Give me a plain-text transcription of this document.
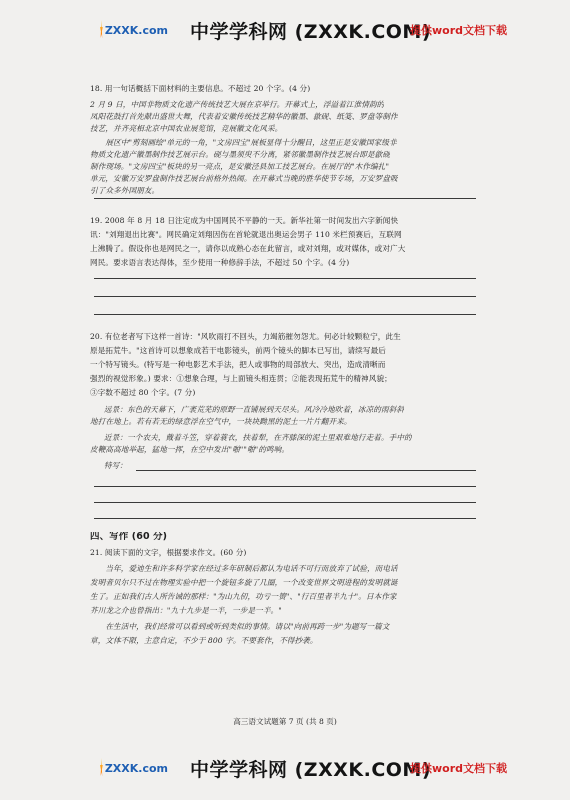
ZXXK.com 中学学科网 (ZXXK.COM)
提供word文档下载
18. 用一句话概括下面材料的主要信息。不超过 20 个字。(4 分)
2 月 9 日，中国非物质文化遗产传统技艺大展在京举行。开幕式上，浮溢着江淮情韵的
凤阳花鼓打首先献出盛世大舞，代表着安徽传统技艺精华的徽墨、歙砚、纸笺、罗盘等制作
技艺，并齐亮相北京中国农业展览馆，竞展徽文化风采。
　　展区中"剪刻画绘"单元的一角，"文房四宝"展板显得十分醒目，这里正是安徽国家级非
物质文化遗产徽墨制作技艺展示台。砚与墨须臾不分离，紧邻徽墨制作技艺展台即是歙砚
制作现场。"文房四宝"板块的另一亮点，是安徽泾县加工技艺展台。在展厅的"木作编扎"
单元，安徽万安罗盘制作技艺展台前格外热闹。在开幕式当晚的胜华使节专场，万安罗盘吸
引了众多外国朋友。
19. 2008 年 8 月 18 日注定成为中国网民不平静的一天。新华社第一时间发出六字新闻快
讯："刘翔退出比赛"。网民确定刘翔因伤在首轮就退出奥运会男子 110 米栏预赛后，互联网
上沸腾了。假设你也是网民之一，请你以成熟心态在此留言，或对刘翔，或对媒体，或对广大
网民。要求语言表达得体，至少使用一种修辞手法，不超过 50 个字。(4 分)
20. 有位老者写下这样一首诗："风吹雨打不回头，力竭筋摧勿怨尤。何必计较颗粒宁，此生
原是拓荒牛。"这首诗可以想象成若干电影镜头，前两个镜头的脚本已写出，请续写最后
一个特写镜头。(特写是一种电影艺术手法，把人或事物的局部放大、突出，造成清晰而
强烈的视觉形象。) 要求：①想象合理，与上面镜头相连贯；②能表现拓荒牛的精神风貌；
③字数不超过 80 个字。(7 分)
远景：东色的天幕下，广袤荒芜的原野一直铺展到天尽头。风冷冷地吹着，冰凉的雨斜斜
地打在地上。若有若无的绿意浮在空气中，一块块黝黑的泥土一片片翻开来。
近景：一个农夫，戴着斗笠，穿着蓑衣，扶着犁，在齐膝深的泥土里艰难地行走着。手中的
皮鞭高高地举起，猛地一挥，在空中发出"啪""啪"的鸣响。
特写：
四、写作 (60 分)
21. 阅读下面的文字，根据要求作文。(60 分)
　　当年，爱迪生和许多科学家在经过多年研制后都认为电话不可行而放弃了试验，而电话
发明者贝尔只不过在物理实验中把一个旋钮多旋了几圈，一个改变世界文明进程的发明就诞
生了。正如我们古人所告诫的那样："为山九仞，功亏一篑"、"行百里者半九十"。日本作家
芥川龙之介也曾指出："九十九步是一半，一步是一半。"
　　在生活中，我们经常可以看到或听到类似的事情。请以"向前再跨一步"为题写一篇文
章，文体不限，主意自定，不少于 800 字。不要套作，不得抄袭。
高三语文试题第 7 页 (共 8 页)
ZXXK.com 中学学科网 (ZXXK.COM)
提供word文档下载
